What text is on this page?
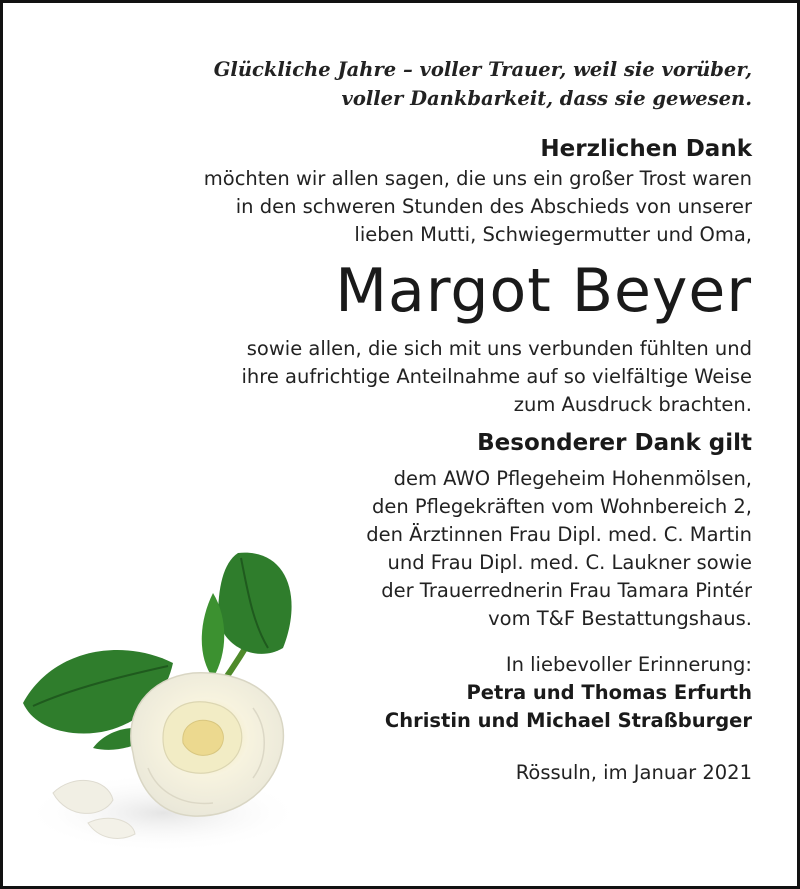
Glückliche Jahre – voller Trauer, weil sie vorüber,
voller Dankbarkeit, dass sie gewesen.
Herzlichen Dank
möchten wir allen sagen, die uns ein großer Trost waren
in den schweren Stunden des Abschieds von unserer
lieben Mutti, Schwiegermutter und Oma,
Margot Beyer
sowie allen, die sich mit uns verbunden fühlten und
ihre aufrichtige Anteilnahme auf so vielfältige Weise
zum Ausdruck brachten.
Besonderer Dank gilt
dem AWO Pflegeheim Hohenmölsen,
den Pflegekräften vom Wohnbereich 2,
den Ärztinnen Frau Dipl. med. C. Martin
und Frau Dipl. med. C. Laukner sowie
der Trauerrednerin Frau Tamara Pintér
vom T&F Bestattungshaus.
In liebevoller Erinnerung:
Petra und Thomas Erfurth
Christin und Michael Straßburger
Rössuln, im Januar 2021
